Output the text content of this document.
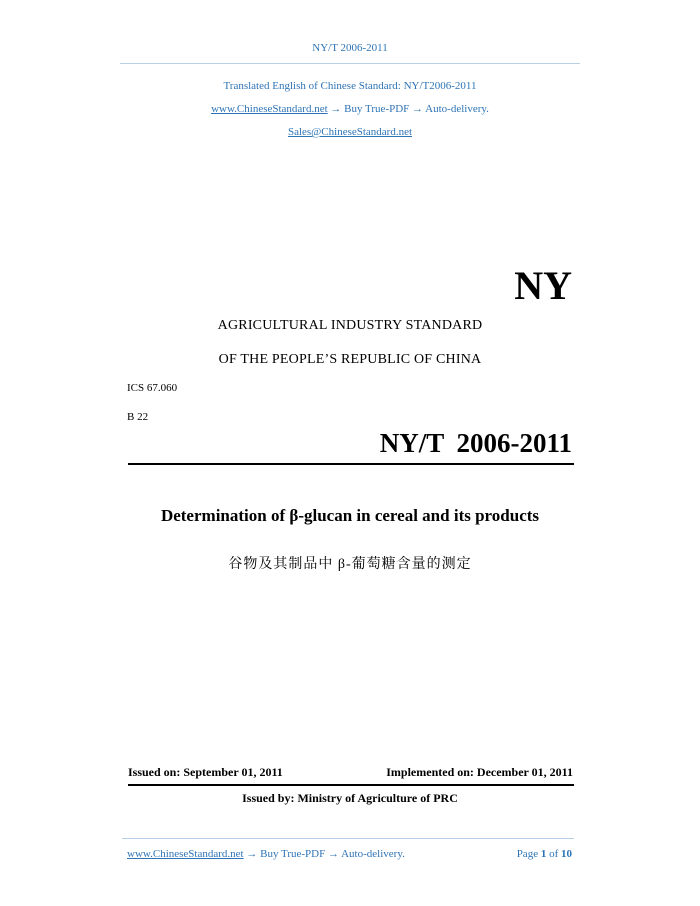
NY/T 2006-2011
Translated English of Chinese Standard: NY/T2006-2011
www.ChineseStandard.net → Buy True-PDF → Auto-delivery.
Sales@ChineseStandard.net
NY
AGRICULTURAL INDUSTRY STANDARD
OF THE PEOPLE’S REPUBLIC OF CHINA
ICS 67.060
B 22
NY/T 2006-2011
Determination of β-glucan in cereal and its products
谷物及其制品中 β-葡萄糖含量的测定
Issued on: September 01, 2011	Implemented on: December 01, 2011
Issued by: Ministry of Agriculture of PRC
www.ChineseStandard.net → Buy True-PDF → Auto-delivery.	Page 1 of 10
